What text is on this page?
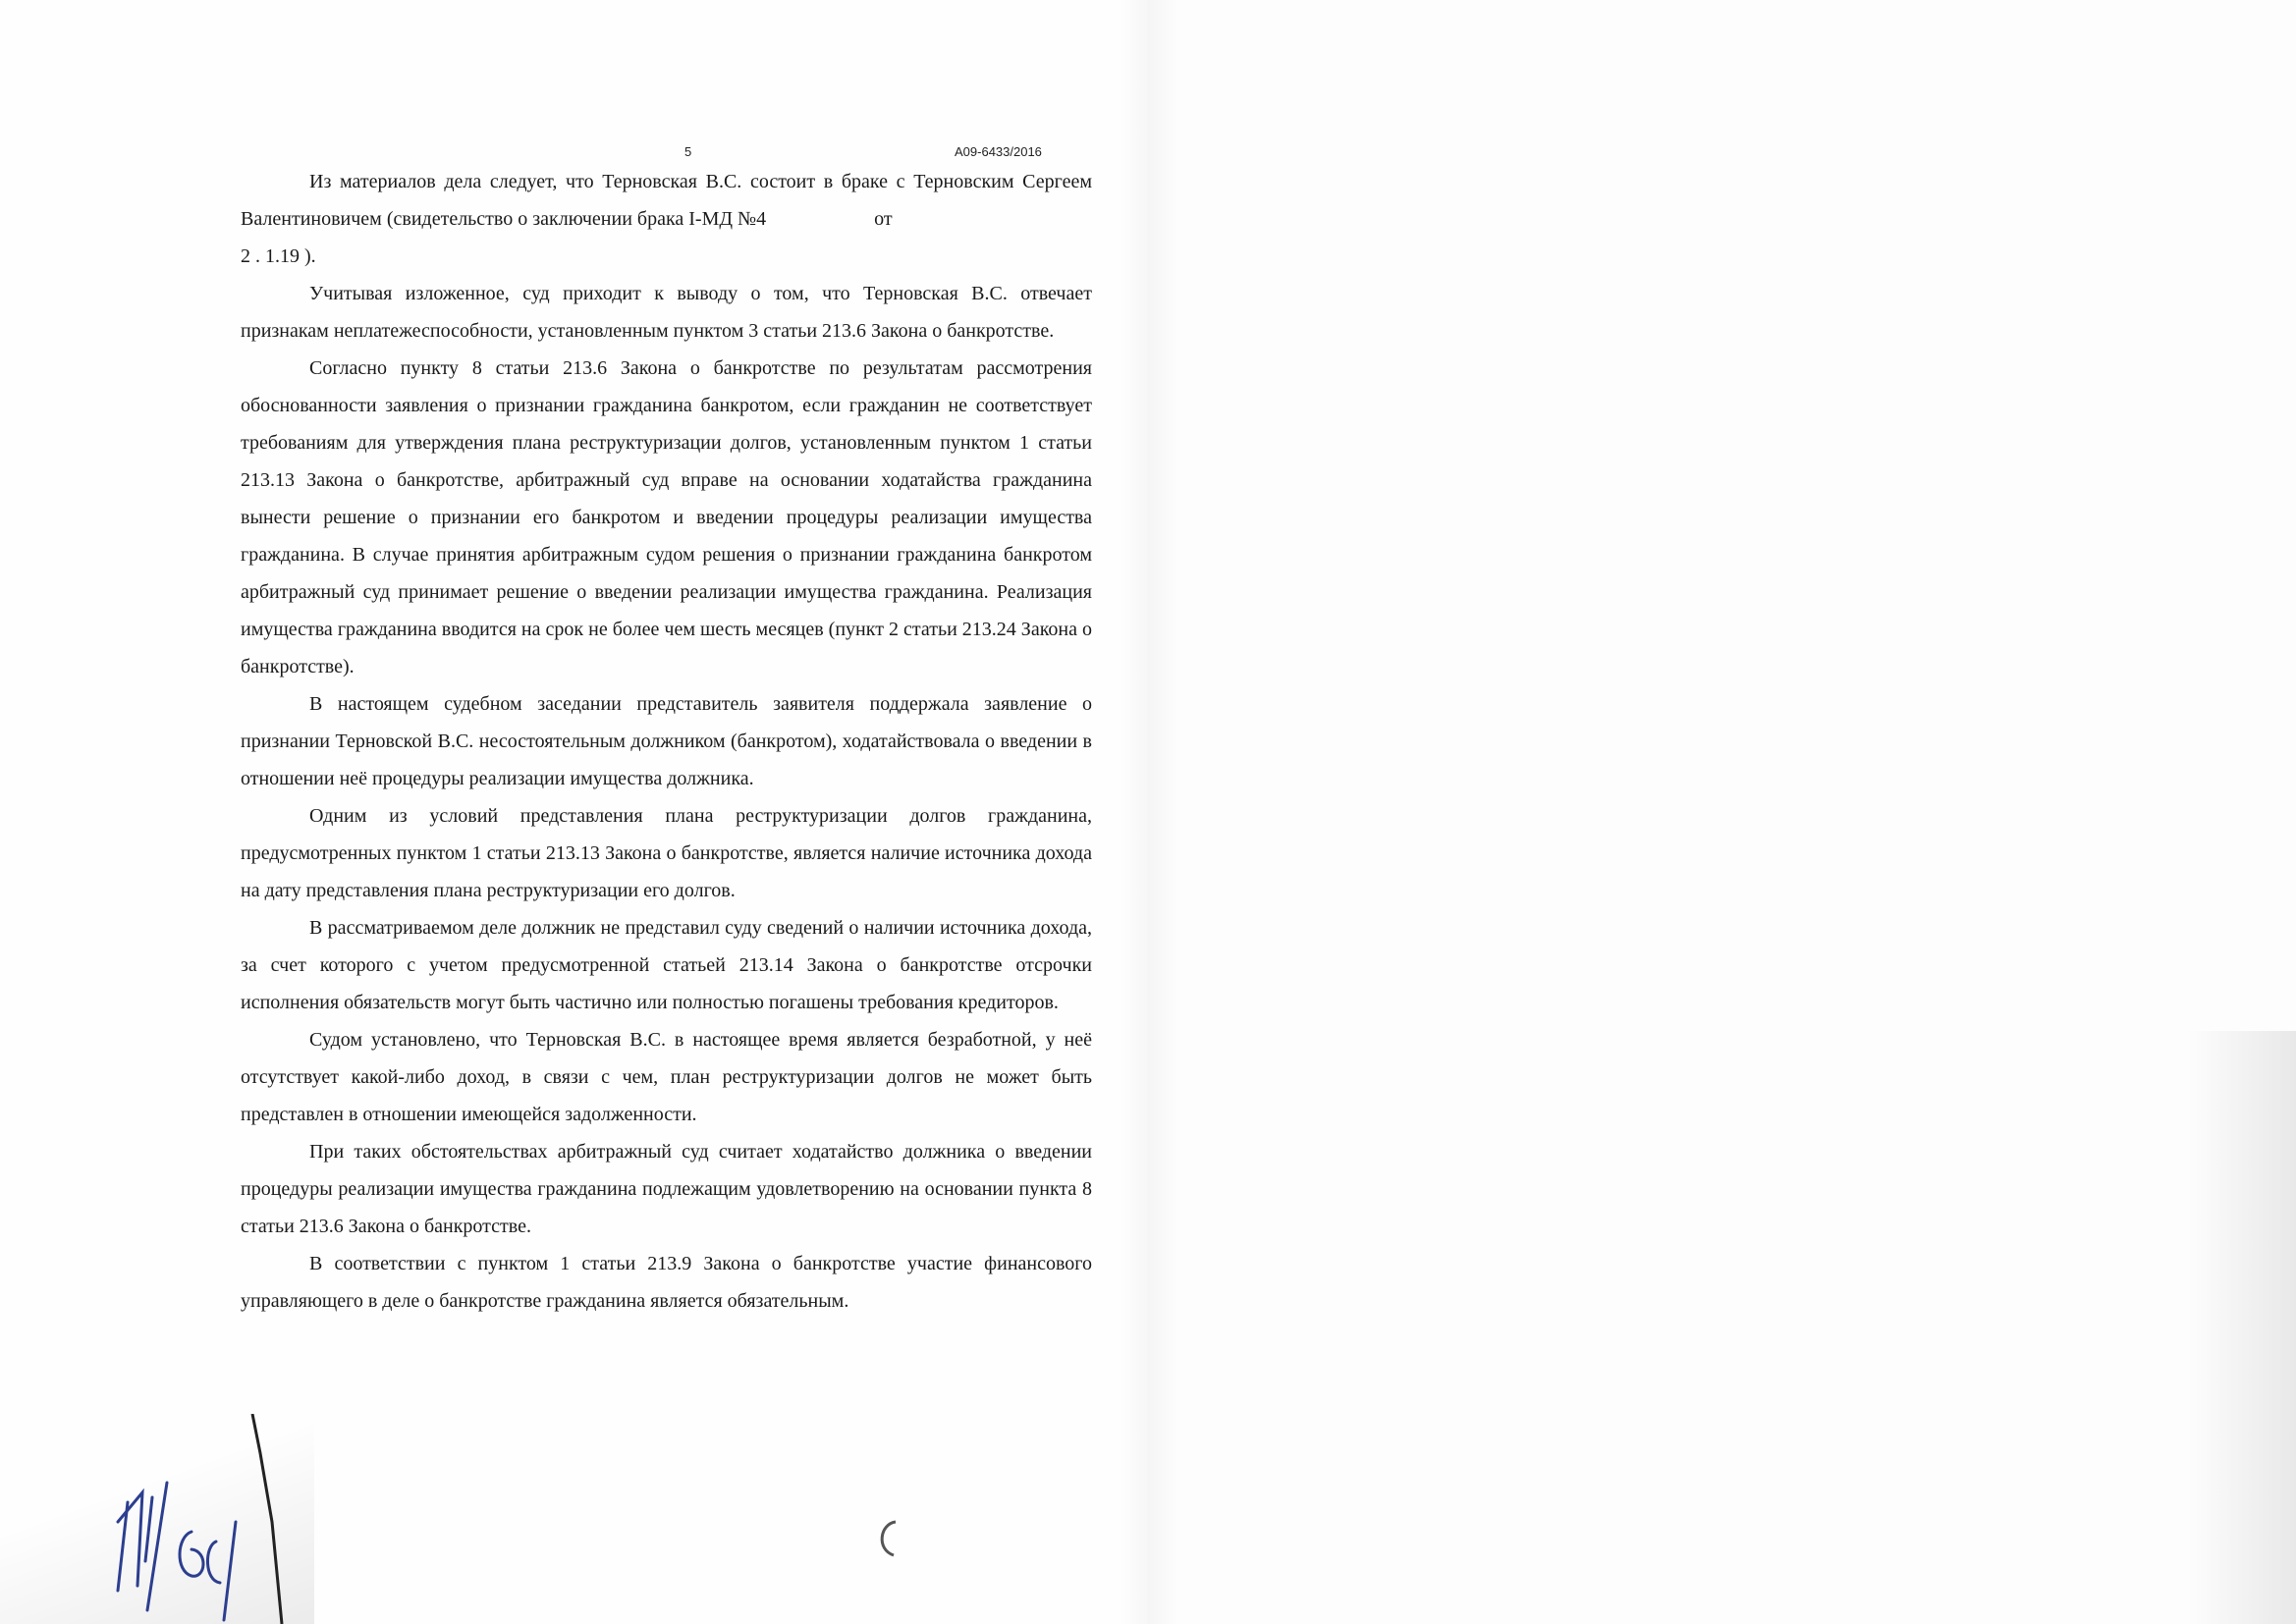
5	А09-6433/2016

Из материалов дела следует, что Терновская В.С. состоит в браке с Терновским Сергеем Валентиновичем (свидетельство о заключении брака I-МД №4	от
2 . 1.19 ).

Учитывая изложенное, суд приходит к выводу о том, что Терновская В.С. отвечает признакам неплатежеспособности, установленным пунктом 3 статьи 213.6 Закона о банкротстве.

Согласно пункту 8 статьи 213.6 Закона о банкротстве по результатам рассмотрения обоснованности заявления о признании гражданина банкротом, если гражданин не соответствует требованиям для утверждения плана реструктуризации долгов, установленным пунктом 1 статьи 213.13 Закона о банкротстве, арбитражный суд вправе на основании ходатайства гражданина вынести решение о признании его банкротом и введении процедуры реализации имущества гражданина. В случае принятия арбитражным судом решения о признании гражданина банкротом арбитражный суд принимает решение о введении реализации имущества гражданина. Реализация имущества гражданина вводится на срок не более чем шесть месяцев (пункт 2 статьи 213.24 Закона о банкротстве).

В настоящем судебном заседании представитель заявителя поддержала заявление о признании Терновской В.С. несостоятельным должником (банкротом), ходатайствовала о введении в отношении неё процедуры реализации имущества должника.

Одним из условий представления плана реструктуризации долгов гражданина, предусмотренных пунктом 1 статьи 213.13 Закона о банкротстве, является наличие источника дохода на дату представления плана реструктуризации его долгов.

В рассматриваемом деле должник не представил суду сведений о наличии источника дохода, за счет которого с учетом предусмотренной статьей 213.14 Закона о банкротстве отсрочки исполнения обязательств могут быть частично или полностью погашены требования кредиторов.

Судом установлено, что Терновская В.С. в настоящее время является безработной, у неё отсутствует какой-либо доход, в связи с чем, план реструктуризации долгов не может быть представлен в отношении имеющейся задолженности.

При таких обстоятельствах арбитражный суд считает ходатайство должника о введении процедуры реализации имущества гражданина подлежащим удовлетворению на основании пункта 8 статьи 213.6 Закона о банкротстве.

В соответствии с пунктом 1 статьи 213.9 Закона о банкротстве участие финансового управляющего в деле о банкротстве гражданина является обязательным.
